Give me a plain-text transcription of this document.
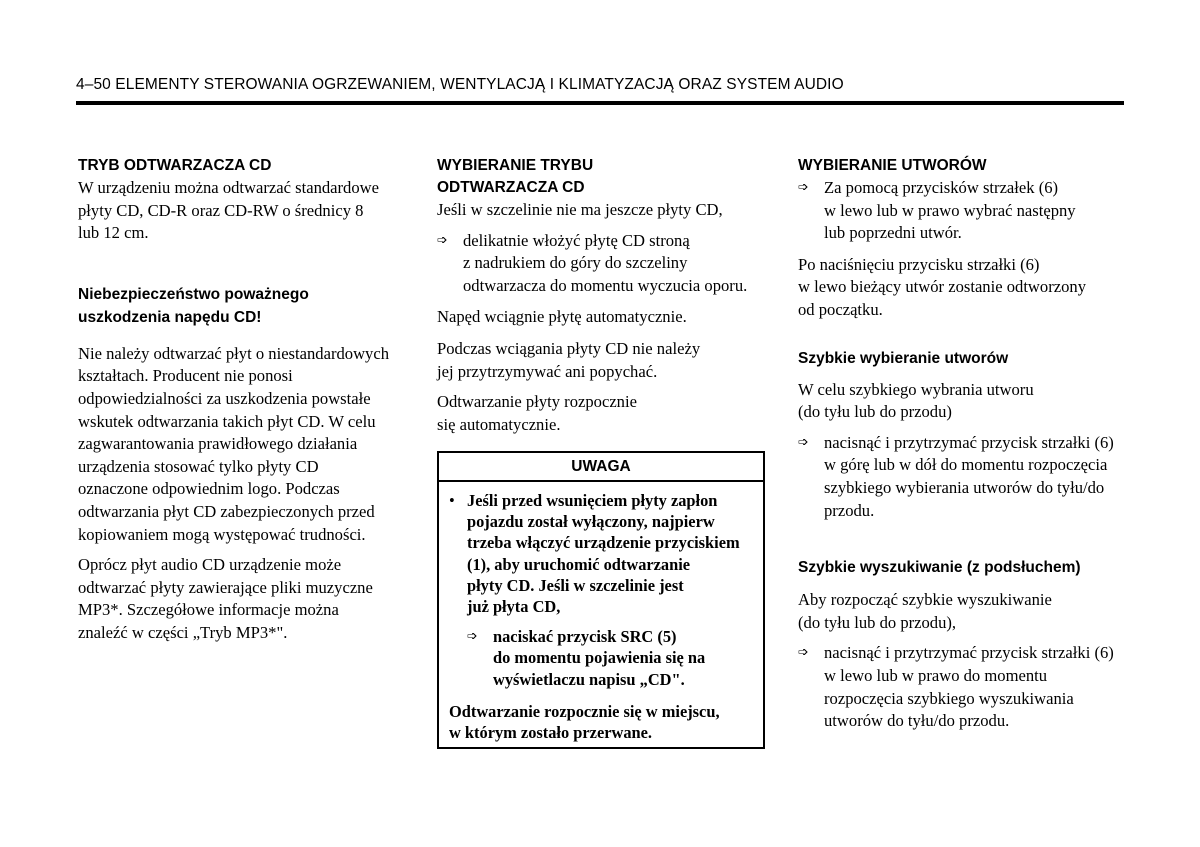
4–50 ELEMENTY STEROWANIA OGRZEWANIEM, WENTYLACJĄ I KLIMATYZACJĄ ORAZ SYSTEM AUDIO

TRYB ODTWARZACZA CD

W urządzeniu można odtwarzać standardowe
płyty CD, CD-R oraz CD-RW o średnicy 8
lub 12 cm.

Niebezpieczeństwo poważnego
uszkodzenia napędu CD!

Nie należy odtwarzać płyt o niestandardowych
kształtach. Producent nie ponosi
odpowiedzialności za uszkodzenia powstałe
wskutek odtwarzania takich płyt CD. W celu
zagwarantowania prawidłowego działania
urządzenia stosować tylko płyty CD
oznaczone odpowiednim logo. Podczas
odtwarzania płyt CD zabezpieczonych przed
kopiowaniem mogą występować trudności.

Oprócz płyt audio CD urządzenie może
odtwarzać płyty zawierające pliki muzyczne
MP3*. Szczegółowe informacje można
znaleźć w części „Tryb MP3*".

WYBIERANIE TRYBU
ODTWARZACZA CD

Jeśli w szczelinie nie ma jeszcze płyty CD,

➩ delikatnie włożyć płytę CD stroną
z nadrukiem do góry do szczeliny
odtwarzacza do momentu wyczucia oporu.

Napęd wciągnie płytę automatycznie.

Podczas wciągania płyty CD nie należy
jej przytrzymywać ani popychać.

Odtwarzanie płyty rozpocznie
się automatycznie.

UWAGA
• Jeśli przed wsunięciem płyty zapłon
pojazdu został wyłączony, najpierw
trzeba włączyć urządzenie przyciskiem
(1), aby uruchomić odtwarzanie
płyty CD. Jeśli w szczelinie jest
już płyta CD,

➩ naciskać przycisk SRC (5)
do momentu pojawienia się na
wyświetlaczu napisu „CD".

Odtwarzanie rozpocznie się w miejscu,
w którym zostało przerwane.

WYBIERANIE UTWORÓW

➩ Za pomocą przycisków strzałek (6)
w lewo lub w prawo wybrać następny
lub poprzedni utwór.

Po naciśnięciu przycisku strzałki (6)
w lewo bieżący utwór zostanie odtworzony
od początku.

Szybkie wybieranie utworów

W celu szybkiego wybrania utworu
(do tyłu lub do przodu)

➩ nacisnąć i przytrzymać przycisk strzałki (6)
w górę lub w dół do momentu rozpoczęcia
szybkiego wybierania utworów do tyłu/do
przodu.

Szybkie wyszukiwanie (z podsłuchem)

Aby rozpocząć szybkie wyszukiwanie
(do tyłu lub do przodu),

➩ nacisnąć i przytrzymać przycisk strzałki (6)
w lewo lub w prawo do momentu
rozpoczęcia szybkiego wyszukiwania
utworów do tyłu/do przodu.
